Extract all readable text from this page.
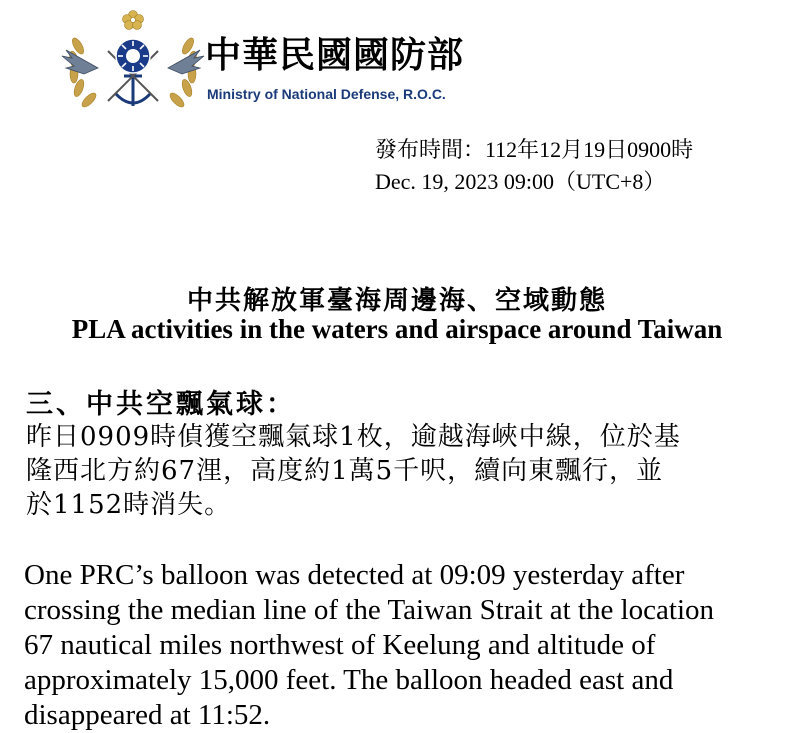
中華民國國防部
Ministry of National Defense, R.O.C.
發布時間：112年12月19日0900時
Dec. 19, 2023 09:00（UTC+8）
中共解放軍臺海周邊海、空域動態
PLA activities in the waters and airspace around Taiwan
三、中共空飄氣球：
昨日0909時偵獲空飄氣球1枚，逾越海峽中線，位於基
隆西北方約67浬，高度約1萬5千呎，續向東飄行，並
於1152時消失。
One PRC’s balloon was detected at 09:09 yesterday after
crossing the median line of the Taiwan Strait at the location
67 nautical miles northwest of Keelung and altitude of
approximately 15,000 feet. The balloon headed east and
disappeared at 11:52.
